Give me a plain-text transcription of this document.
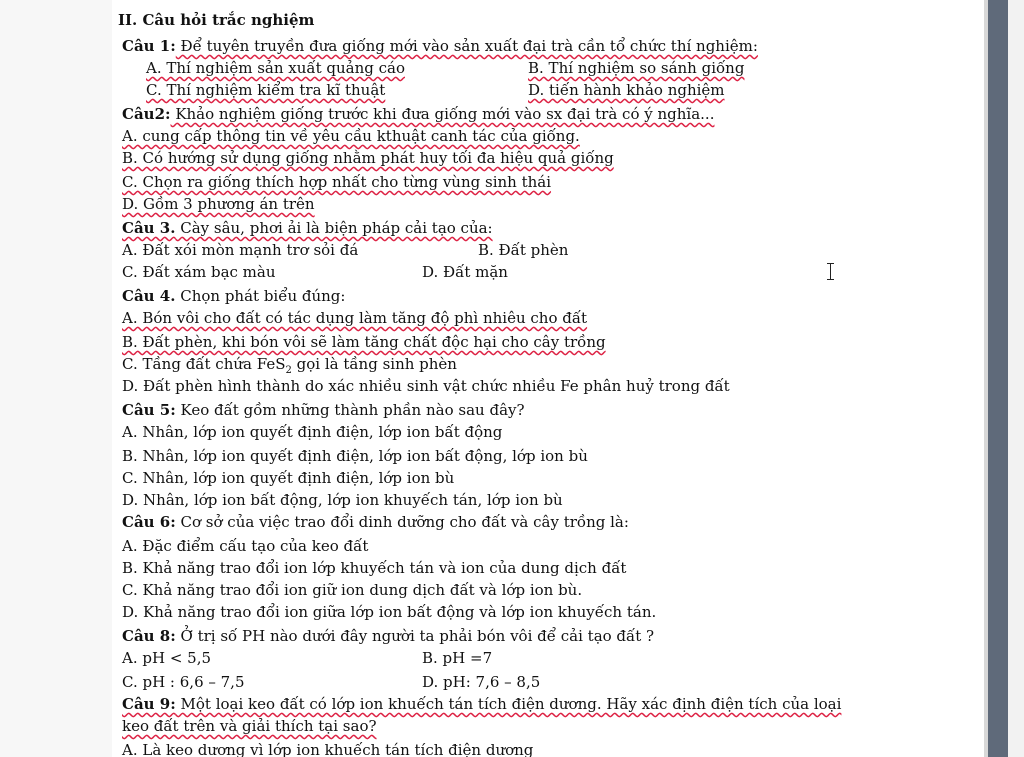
II. Câu hỏi trắc nghiệm
Câu 1: Để tuyên truyền đưa giống mới vào sản xuất đại trà cần tổ chức thí nghiệm:
A. Thí nghiệm sản xuất quảng cáo	B. Thí nghiệm so sánh giống
C. Thí nghiệm kiểm tra kĩ thuật	D. tiến hành khảo nghiệm
Câu2: Khảo nghiệm giống trước khi đưa giống mới vào sx đại trà có ý nghĩa...
A. cung cấp thông tin về yêu cầu kthuật canh tác của giống.
B. Có hướng sử dụng giống nhằm phát huy tối đa hiệu quả giống
C. Chọn ra giống thích hợp nhất cho từng vùng sinh thái
D. Gồm 3 phương án trên
Câu 3. Cày sâu, phơi ải là biện pháp cải tạo của:
A. Đất xói mòn mạnh trơ sỏi đá	B. Đất phèn
C. Đất xám bạc màu	D. Đất mặn
Câu 4. Chọn phát biểu đúng:
A. Bón vôi cho đất có tác dụng làm tăng độ phì nhiêu cho đất
B. Đất phèn, khi bón vôi sẽ làm tăng chất độc hại cho cây trồng
C. Tầng đất chứa FeS$_2$ gọi là tầng sinh phèn
D. Đất phèn hình thành do xác nhiều sinh vật chức nhiều Fe phân huỷ trong đất
Câu 5: Keo đất gồm những thành phần nào sau đây?
A. Nhân, lớp ion quyết định điện, lớp ion bất động
B. Nhân, lớp ion quyết định điện, lớp ion bất động, lớp ion bù
C. Nhân, lớp ion quyết định điện, lớp ion bù
D. Nhân, lớp ion bất động, lớp ion khuyếch tán, lớp ion bù
Câu 6: Cơ sở của việc trao đổi dinh dưỡng cho đất và cây trồng là:
A. Đặc điểm cấu tạo của keo đất
B. Khả năng trao đổi ion lớp khuyếch tán và ion của dung dịch đất
C. Khả năng trao đổi ion giữ ion dung dịch đất và lớp ion bù.
D. Khả năng trao đổi ion giữa lớp ion bất động và lớp ion khuyếch tán.
Câu 8: Ở trị số PH nào dưới đây người ta phải bón vôi để cải tạo đất ?
A. pH < 5,5	B. pH =7
C. pH : 6,6 – 7,5	D. pH: 7,6 – 8,5
Câu 9: Một loại keo đất có lớp ion khuếch tán tích điện dương. Hãy xác định điện tích của loại
keo đất trên và giải thích tại sao?
A. Là keo dương vì lớp ion khuếch tán tích điện dương
